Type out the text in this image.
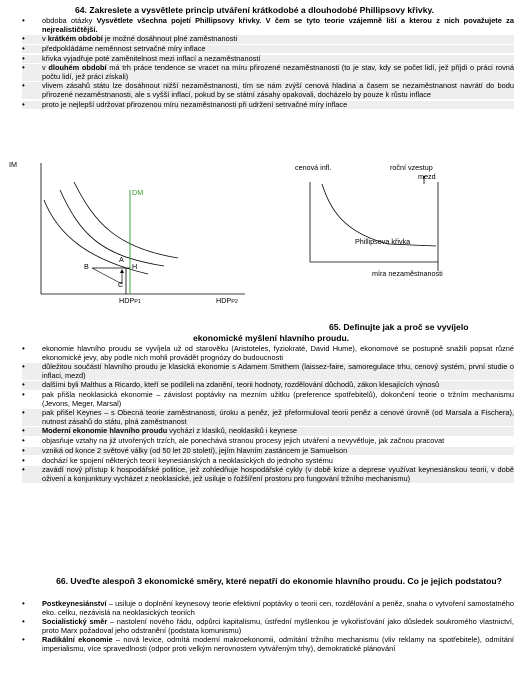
64. Zakreslete a vysvětlete princip utváření krátkodobé a dlouhodobé Phillipsovy křivky.
• obdoba otázky Vysvětlete všechna pojetí Phillipsovy křivky. V čem se tyto teorie vzájemně liší a kterou z nich považujete za nejrealističtější.
• v krátkém období je možné dosáhnout plné zaměstnanosti
• předpokládáme neměnnost setrvačné míry inflace
• křivka vyjadřuje poté zaměnitelnost mezi inflací a nezaměstnaností
• v dlouhém období má trh práce tendence se vracet na míru přirozené nezaměstnanosti (to je stav, kdy se počet lidí, jež příjdi o práci rovná počtu lidí, jež práci získali)
• vlivem zásahů státu lze dosáhnout nižší nezaměstnanosti, tím se nám zvýší cenová hladina a časem se nezaměstnanost navrátí do bodu přirozené nezaměstnanosti, ale s vyšší inflací, pokud by se státní zásahy opakovali, docházelo by pouze k růstu inflace
• proto je nejlepší udržovat přirozenou míru nezaměstnanosti při udržení setrvačné míry inflace
IM
DM
A
B	H
C
HDPP1	HDPP2
cenová infl.	roční vzestup
mezd
Phillipsova křivka
míra nezaměstnanosti
65. Definujte jak a proč se vyvíjelo
ekonomické myšlení hlavního proudu.
• ekonomie hlavního proudu se vyvíjela už od starověku (Aristoteles, fyziokraté, David Hume), ekonomové se postupně snažili popsat různé ekonomické jevy, aby podle nich mohli provádět prognózy do budoucnosti
• důležitou součástí hlavního proudu je klasická ekonomie s Adamem Smithem (laissez-faire, samoregulace trhu, cenový systém, první studie o inflaci, mezd)
• dalšími byli Malthus a Ricardo, kteří se podíleli na zdanění, teorii hodnoty, rozdělování důchodů, zákon klesajících výnosů
• pak přišla neoklasická ekonomie – závislost poptávky na mezním užitku (preference spotřebitelů), dokončení teorie o tržním mechanismu (Jevons, Meger, Marsal)
• pak přišel Keynes – s Obecná teorie zaměstnanosti, úroku a peněz, jež přeformuloval teorii peněz a cenové úrovně (od Marsala a Fischera), nutnost zásahů do státu, plná zaměstnanost
• Moderní ekonomie hlavního proudu vychází z klasiků, neoklasiků i keynese
• objasňuje vztahy na již utvořených trzích, ale ponechává stranou procesy jejich utváření a nevyvětluje, jak začnou pracovat
• vzniká od konce 2 světové války (od 50 let 20 století), jejím hlavním zastáncem je Samuelson
• dochází ke spojení některých teorií keynesiánských a neoklasických do jednoho systému
• zavádí nový přístup k hospodářské politice, jež zohledňuje hospodářské cykly (v době krize a deprese využívat keynesiánskou teorii, v době oživení a konjunktury vycházet z neoklasické, jež usiluje o řožšíření prostoru pro fungování tržního mechanismu)
66. Uveďte alespoň 3 ekonomické směry, které nepatří do ekonomie hlavního proudu. Co je jejich podstatou?
• Postkeynesiánství – usiluje o doplnění keynesovy teorie efektivní poptávky o teorii cen, rozdělování a peněz, snaha o vytvoření samostatného eko. celku, nezávislá na neoklasických teoriích
• Socialistický směr – nastolení nového řádu, odpůrci kapitalismu, ústřední myšlenkou je vykořisťování jako důsledek soukromého vlastnictví, proto Marx požadoval jeho odstranění (podstata komunismu)
• Radikální ekonomie – nová levice, odmítá moderní makroekonomii, odmítání tržního mechanismu (vliv reklamy na spotřebitele), odmítání imperialismu, více spravedlnosti (odpor proti velkým nerovnostem vytvářeným trhy), demokratické plánování
